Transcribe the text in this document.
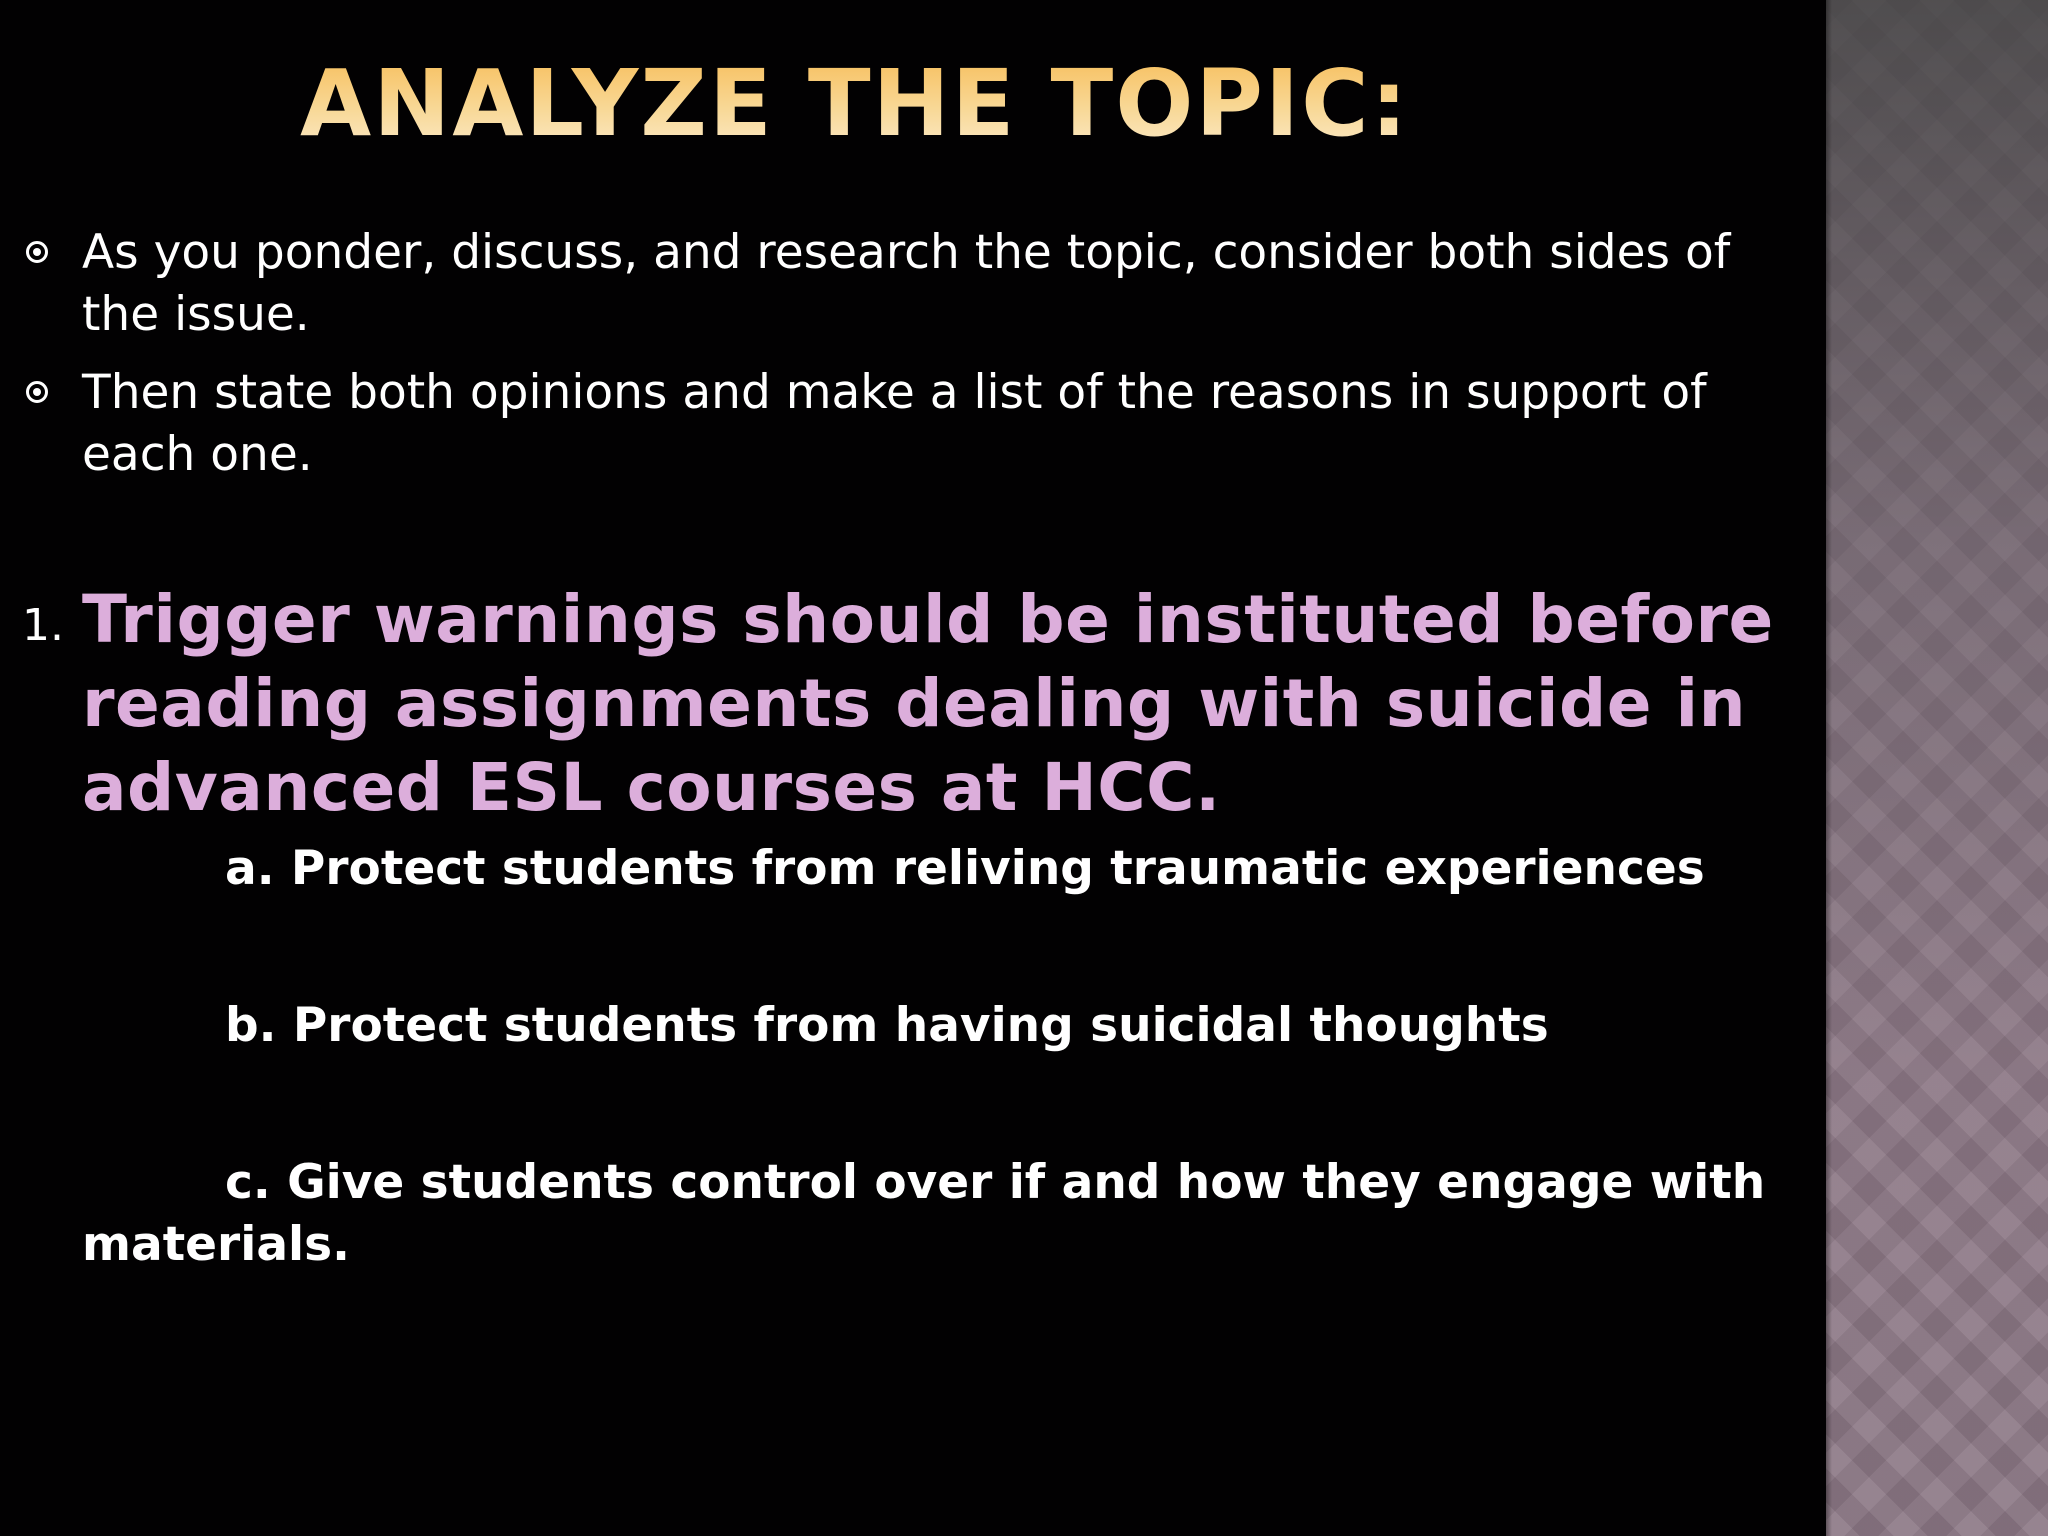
ANALYZE THE TOPIC:
As you ponder, discuss, and research the topic, consider both sides of the issue.
Then state both opinions and make a list of the reasons in support of each one.
1. Trigger warnings should be instituted before reading assignments dealing with suicide in advanced ESL courses at HCC.
a. Protect students from reliving traumatic experiences
b. Protect students from having suicidal thoughts
c. Give students control over if and how they engage with materials.
